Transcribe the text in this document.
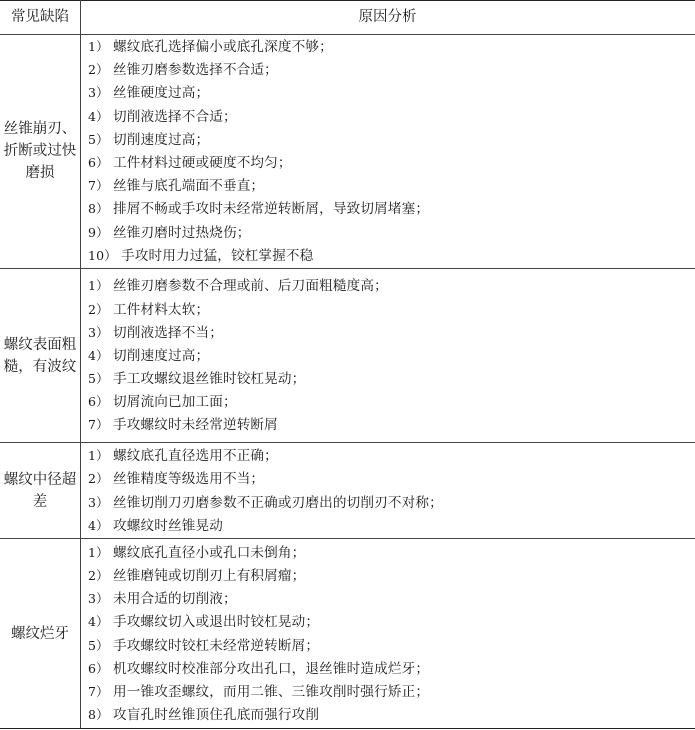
常见缺陷	原因分析
丝锥崩刃、折断或过快磨损
1） 螺纹底孔选择偏小或底孔深度不够；
2） 丝锥刃磨参数选择不合适；
3） 丝锥硬度过高；
4） 切削液选择不合适；
5） 切削速度过高；
6） 工件材料过硬或硬度不均匀；
7） 丝锥与底孔端面不垂直；
8） 排屑不畅或手攻时未经常逆转断屑，导致切屑堵塞；
9） 丝锥刃磨时过热烧伤；
10） 手攻时用力过猛，铰杠掌握不稳
螺纹表面粗糙，有波纹
1） 丝锥刃磨参数不合理或前、后刀面粗糙度高；
2） 工件材料太软；
3） 切削液选择不当；
4） 切削速度过高；
5） 手工攻螺纹退丝锥时铰杠晃动；
6） 切屑流向已加工面；
7） 手攻螺纹时未经常逆转断屑
螺纹中径超差
1） 螺纹底孔直径选用不正确；
2） 丝锥精度等级选用不当；
3） 丝锥切削刀刃磨参数不正确或刃磨出的切削刃不对称；
4） 攻螺纹时丝锥晃动
螺纹烂牙
1） 螺纹底孔直径小或孔口未倒角；
2） 丝锥磨钝或切削刃上有积屑瘤；
3） 未用合适的切削液；
4） 手攻螺纹切入或退出时铰杠晃动；
5） 手攻螺纹时铰杠未经常逆转断屑；
6） 机攻螺纹时校准部分攻出孔口，退丝锥时造成烂牙；
7） 用一锥攻歪螺纹，而用二锥、三锥攻削时强行矫正；
8） 攻盲孔时丝锥顶住孔底而强行攻削
